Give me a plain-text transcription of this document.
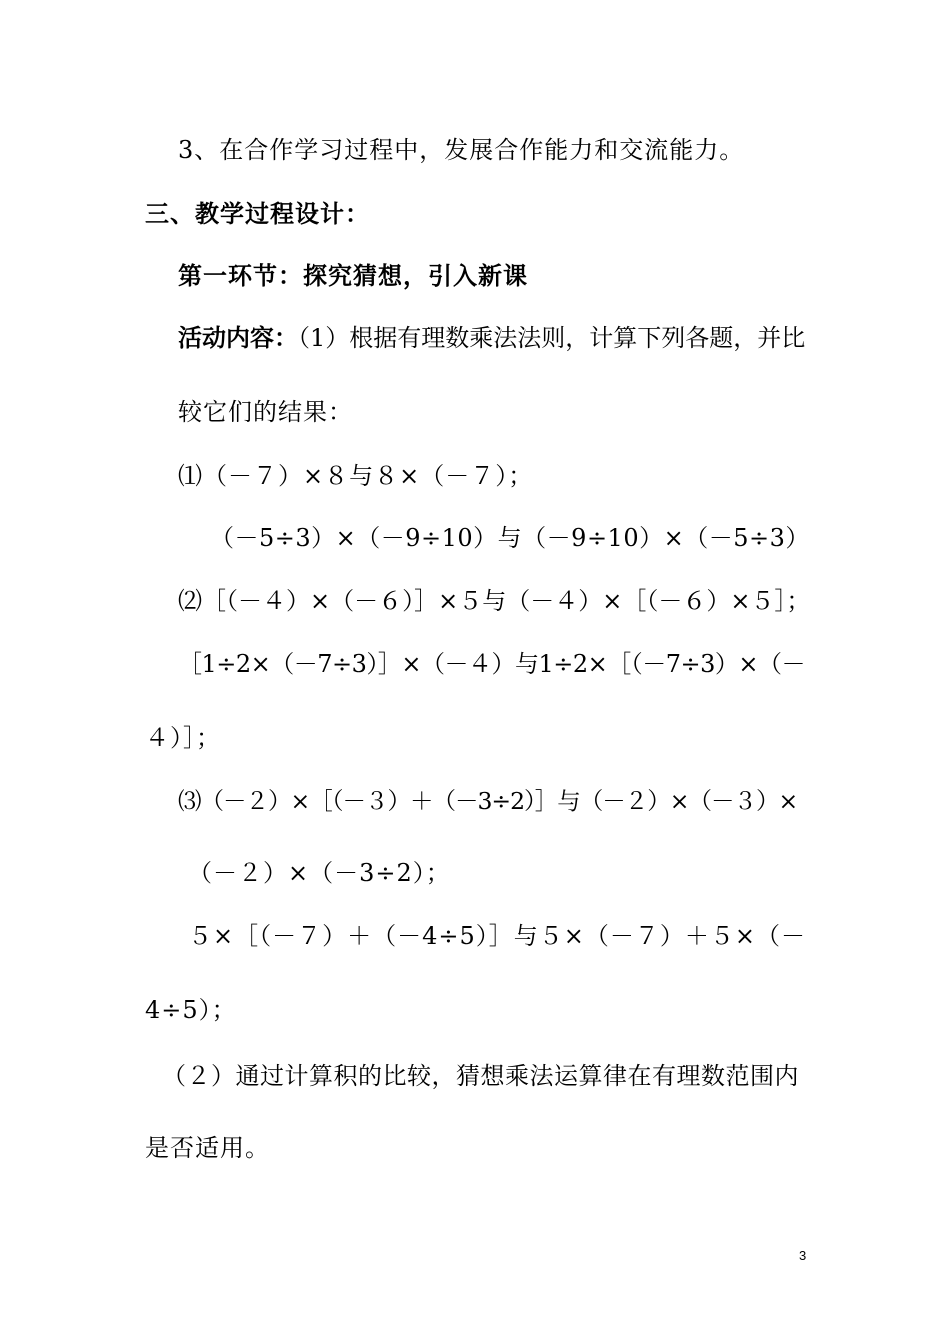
3、在合作学习过程中，发展合作能力和交流能力。
三、教学过程设计：
第一环节：探究猜想，引入新课
活动内容：（1）根据有理数乘法法则，计算下列各题，并比
较它们的结果：
⑴（－７）×８与８×（－７）；
（－5÷3）×（－9÷10）与（－9÷10）×（－5÷3）
⑵［（－４）×（－６）］×５与（－４）×［（－６）×５］；
［1÷2×（－7÷3）］×（－４）与1÷2×［（－7÷3）×（－
４）］；
⑶（－２）×［（－３）＋（－3÷2）］与（－２）×（－３）×
（－２）×（－3÷2）；
５×［（－７）＋（－4÷5）］与５×（－７）＋５×（－
4÷5）；
（２）通过计算积的比较，猜想乘法运算律在有理数范围内
是否适用。
3
